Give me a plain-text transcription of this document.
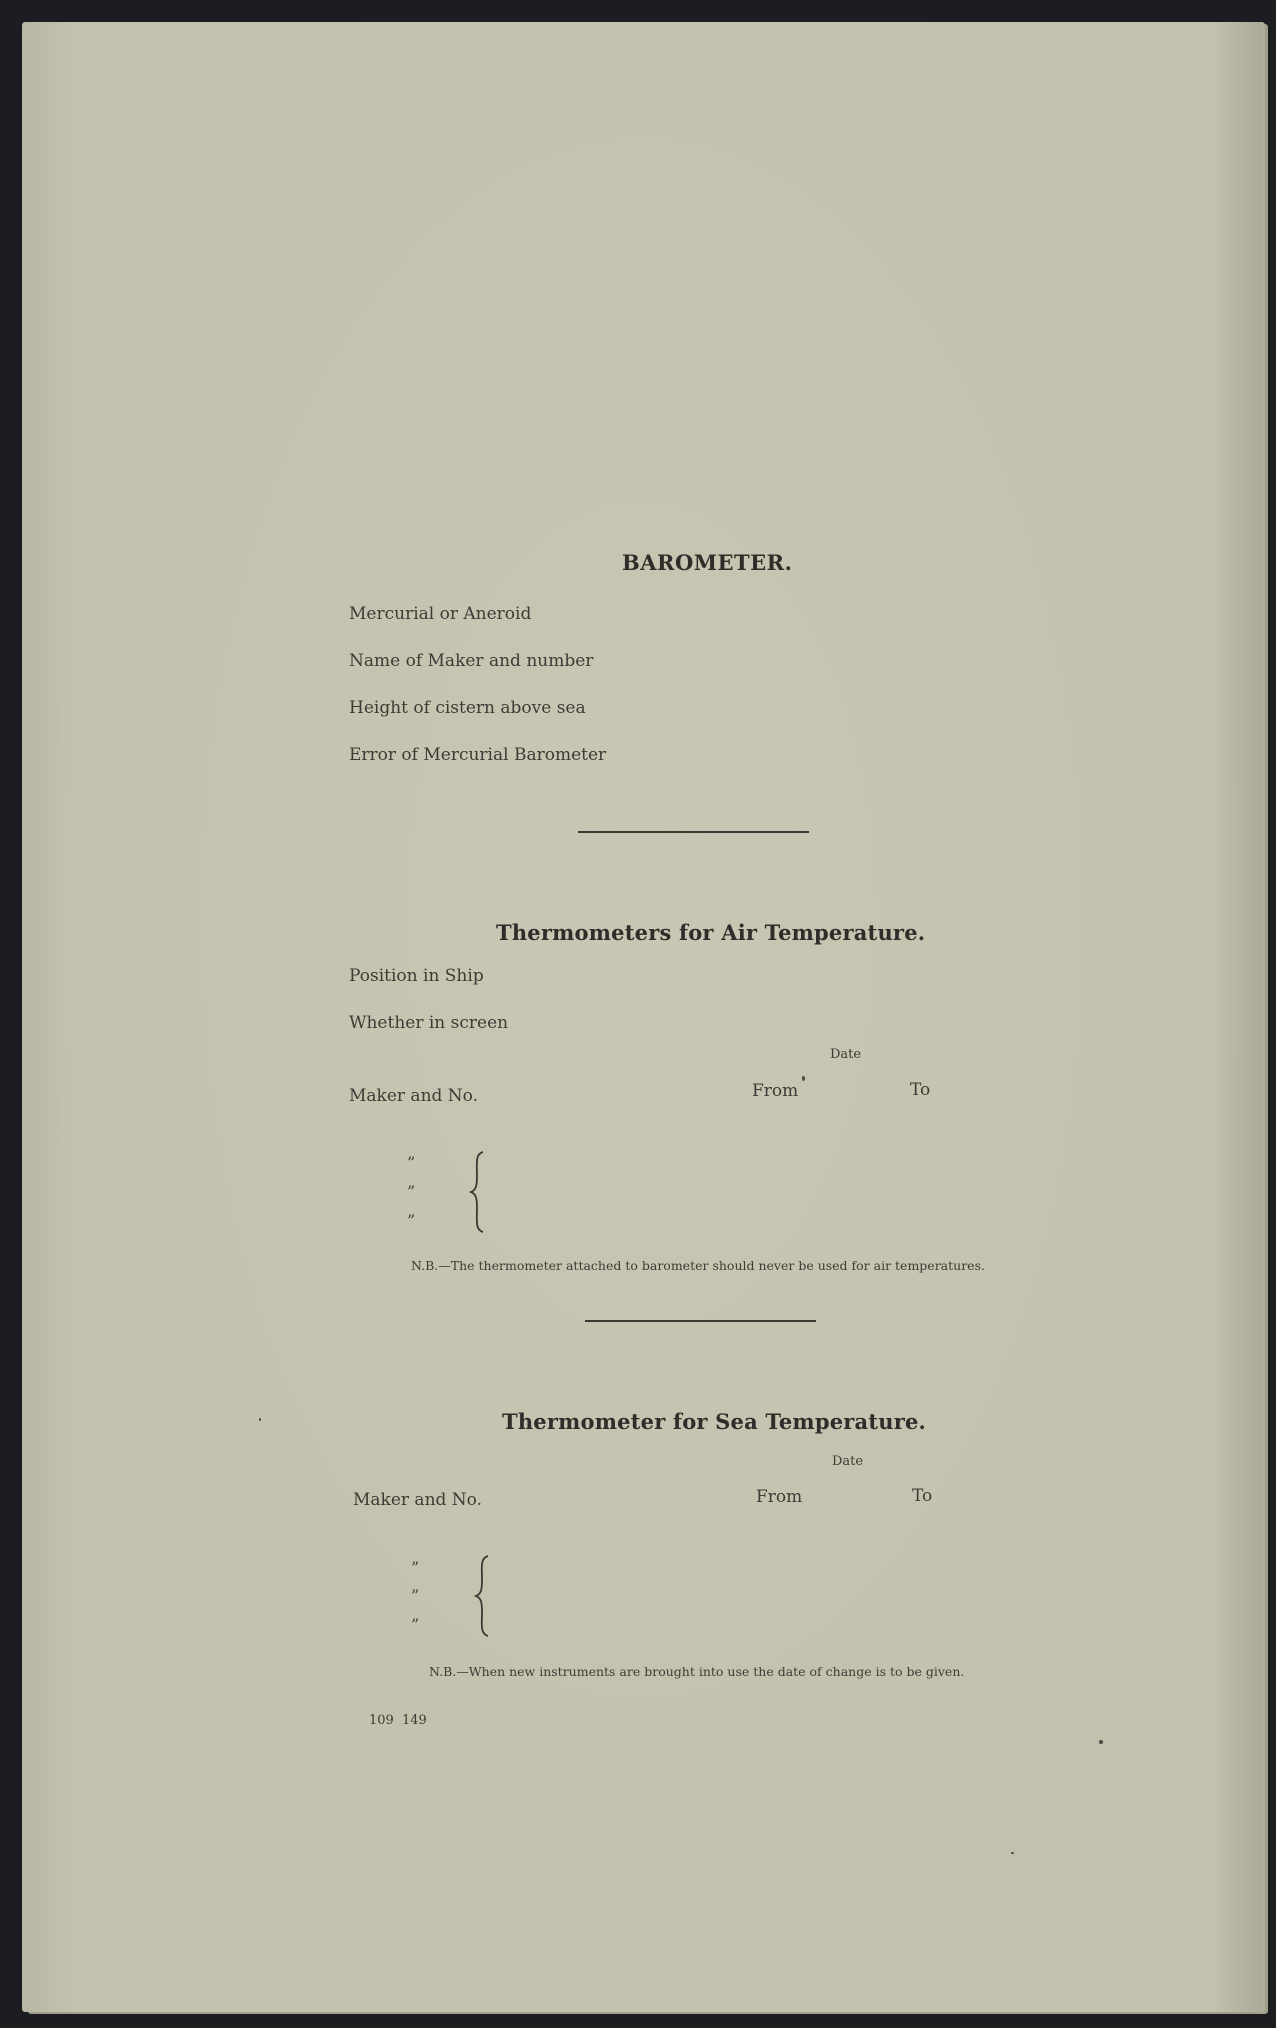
BAROMETER.
Mercurial or Aneroid
Name of Maker and number
Height of cistern above sea
Error of Mercurial Barometer
Thermometers for Air Temperature.
Position in Ship
Whether in screen
Date
Maker and No.	From	To
”
”
”
N.B.—The thermometer attached to barometer should never be used for air temperatures.
Thermometer for Sea Temperature.
Date
Maker and No.	From	To
”
”
”
N.B.—When new instruments are brought into use the date of change is to be given.
109 149
